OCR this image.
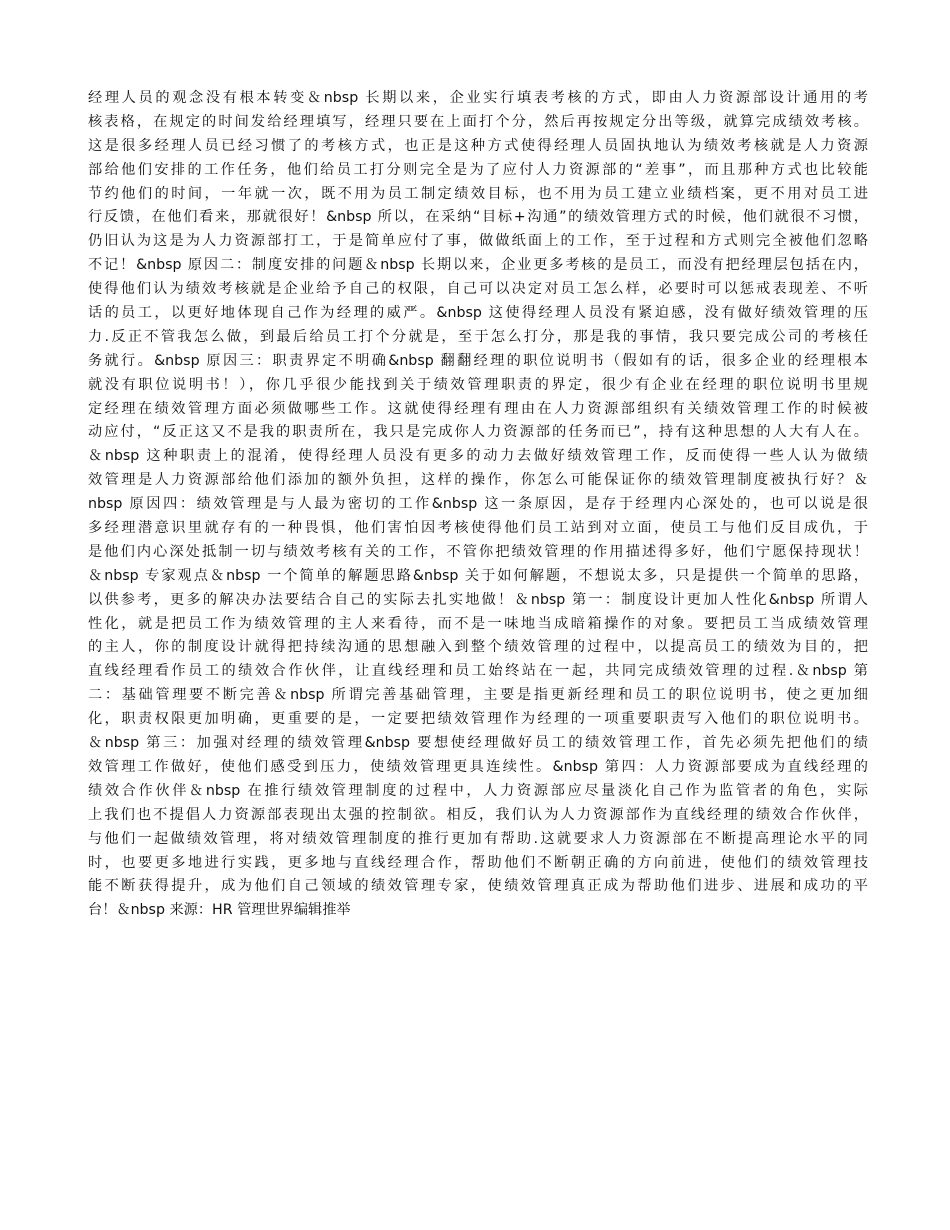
经理人员的观念没有根本转变＆nbsp 长期以来，企业实行填表考核的方式，即由人力资源部设计通用的考
核表格，在规定的时间发给经理填写，经理只要在上面打个分，然后再按规定分出等级，就算完成绩效考核。
这是很多经理人员已经习惯了的考核方式，也正是这种方式使得经理人员固执地认为绩效考核就是人力资源
部给他们安排的工作任务，他们给员工打分则完全是为了应付人力资源部的“差事”，而且那种方式也比较能
节约他们的时间，一年就一次，既不用为员工制定绩效目标，也不用为员工建立业绩档案，更不用对员工进
行反馈，在他们看来，那就很好！&nbsp 所以，在采纳“目标+沟通”的绩效管理方式的时候，他们就很不习惯，
仍旧认为这是为人力资源部打工，于是简单应付了事，做做纸面上的工作，至于过程和方式则完全被他们忽略
不记！&nbsp 原因二：制度安排的问题＆nbsp 长期以来，企业更多考核的是员工，而没有把经理层包括在内，
使得他们认为绩效考核就是企业给予自己的权限，自己可以决定对员工怎么样，必要时可以惩戒表现差、不听
话的员工，以更好地体现自己作为经理的威严。&nbsp 这使得经理人员没有紧迫感，没有做好绩效管理的压
力.反正不管我怎么做，到最后给员工打个分就是，至于怎么打分，那是我的事情，我只要完成公司的考核任
务就行。&nbsp 原因三：职责界定不明确&nbsp 翻翻经理的职位说明书（假如有的话，很多企业的经理根本
就没有职位说明书！），你几乎很少能找到关于绩效管理职责的界定，很少有企业在经理的职位说明书里规
定经理在绩效管理方面必须做哪些工作。这就使得经理有理由在人力资源部组织有关绩效管理工作的时候被
动应付，“反正这又不是我的职责所在，我只是完成你人力资源部的任务而已”，持有这种思想的人大有人在。
＆nbsp 这种职责上的混淆，使得经理人员没有更多的动力去做好绩效管理工作，反而使得一些人认为做绩
效管理是人力资源部给他们添加的额外负担，这样的操作，你怎么可能保证你的绩效管理制度被执行好？＆
nbsp 原因四：绩效管理是与人最为密切的工作&nbsp 这一条原因，是存于经理内心深处的，也可以说是很
多经理潜意识里就存有的一种畏惧，他们害怕因考核使得他们员工站到对立面，使员工与他们反目成仇，于
是他们内心深处抵制一切与绩效考核有关的工作，不管你把绩效管理的作用描述得多好，他们宁愿保持现状！
＆nbsp 专家观点＆nbsp 一个简单的解题思路&nbsp 关于如何解题，不想说太多，只是提供一个简单的思路，
以供参考，更多的解决办法要结合自己的实际去扎实地做！＆nbsp 第一：制度设计更加人性化&nbsp 所谓人
性化，就是把员工作为绩效管理的主人来看待，而不是一味地当成暗箱操作的对象。要把员工当成绩效管理
的主人，你的制度设计就得把持续沟通的思想融入到整个绩效管理的过程中，以提高员工的绩效为目的，把
直线经理看作员工的绩效合作伙伴，让直线经理和员工始终站在一起，共同完成绩效管理的过程.＆nbsp 第
二：基础管理要不断完善＆nbsp 所谓完善基础管理，主要是指更新经理和员工的职位说明书，使之更加细
化，职责权限更加明确，更重要的是，一定要把绩效管理作为经理的一项重要职责写入他们的职位说明书。
＆nbsp 第三：加强对经理的绩效管理&nbsp 要想使经理做好员工的绩效管理工作，首先必须先把他们的绩
效管理工作做好，使他们感受到压力，使绩效管理更具连续性。&nbsp 第四：人力资源部要成为直线经理的
绩效合作伙伴＆nbsp 在推行绩效管理制度的过程中，人力资源部应尽量淡化自己作为监管者的角色，实际
上我们也不提倡人力资源部表现出太强的控制欲。相反，我们认为人力资源部作为直线经理的绩效合作伙伴，
与他们一起做绩效管理，将对绩效管理制度的推行更加有帮助.这就要求人力资源部在不断提高理论水平的同
时，也要更多地进行实践，更多地与直线经理合作，帮助他们不断朝正确的方向前进，使他们的绩效管理技
能不断获得提升，成为他们自己领域的绩效管理专家，使绩效管理真正成为帮助他们进步、进展和成功的平
台！＆nbsp 来源：HR 管理世界编辑推举
